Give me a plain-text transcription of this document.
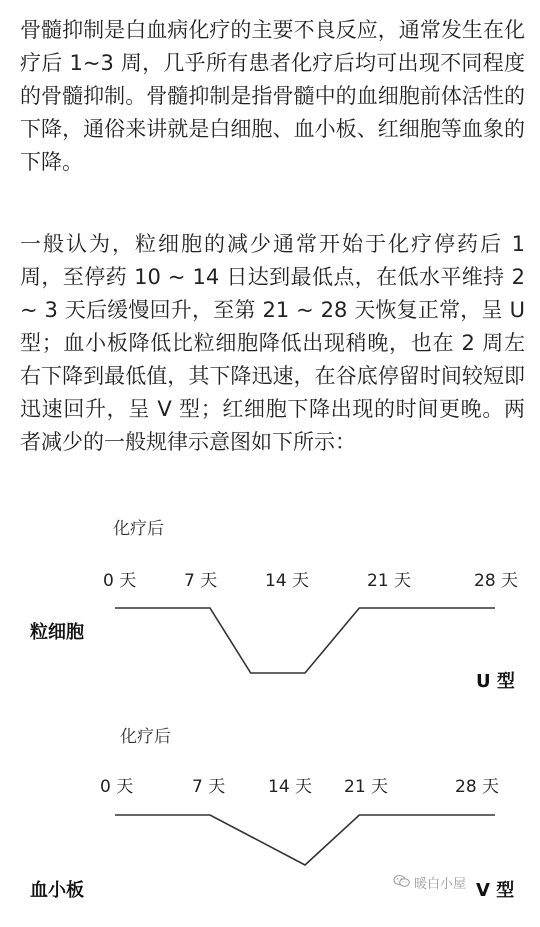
骨髓抑制是白血病化疗的主要不良反应，通常发生在化疗后 1~3 周，几乎所有患者化疗后均可出现不同程度的骨髓抑制。骨髓抑制是指骨髓中的血细胞前体活性的下降，通俗来讲就是白细胞、血小板、红细胞等血象的下降。

一般认为，粒细胞的减少通常开始于化疗停药后 1 周，至停药 10 ~ 14 日达到最低点，在低水平维持 2 ~ 3 天后缓慢回升，至第 21 ~ 28 天恢复正常，呈 U 型；血小板降低比粒细胞降低出现稍晚，也在 2 周左右下降到最低值，其下降迅速，在谷底停留时间较短即迅速回升，呈 V 型；红细胞下降出现的时间更晚。两者减少的一般规律示意图如下所示：

化疗后
0 天	7 天	14 天	21 天	28 天
粒细胞
U 型
化疗后
0 天	7 天	14 天 21 天	28 天
血小板	V 型
暖白小屋
